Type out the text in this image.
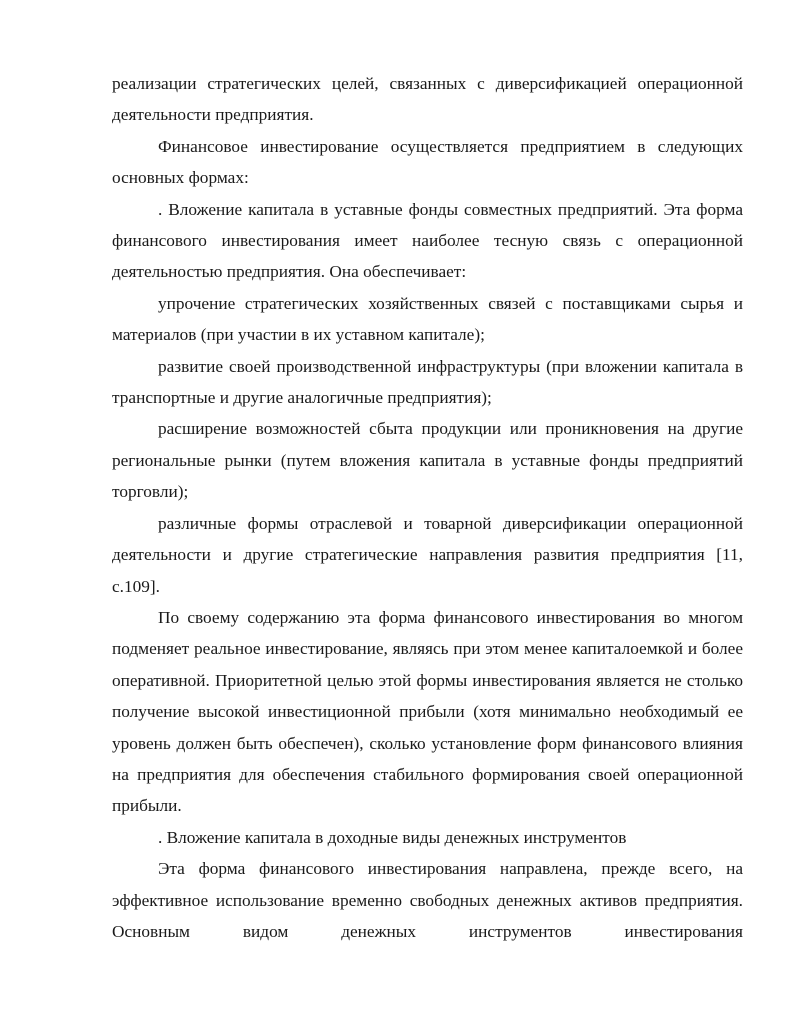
реализации стратегических целей, связанных с диверсификацией операционной деятельности предприятия.

Финансовое инвестирование осуществляется предприятием в следующих основных формах:

. Вложение капитала в уставные фонды совместных предприятий. Эта форма финансового инвестирования имеет наиболее тесную связь с операционной деятельностью предприятия. Она обеспечивает:

упрочение стратегических хозяйственных связей с поставщиками сырья и материалов (при участии в их уставном капитале);

развитие своей производственной инфраструктуры (при вложении капитала в транспортные и другие аналогичные предприятия);

расширение возможностей сбыта продукции или проникновения на другие региональные рынки (путем вложения капитала в уставные фонды предприятий торговли);

различные формы отраслевой и товарной диверсификации операционной деятельности и другие стратегические направления развития предприятия [11, с.109].

По своему содержанию эта форма финансового инвестирования во многом подменяет реальное инвестирование, являясь при этом менее капиталоемкой и более оперативной. Приоритетной целью этой формы инвестирования является не столько получение высокой инвестиционной прибыли (хотя минимально необходимый ее уровень должен быть обеспечен), сколько установление форм финансового влияния на предприятия для обеспечения стабильного формирования своей операционной прибыли.

. Вложение капитала в доходные виды денежных инструментов

Эта форма финансового инвестирования направлена, прежде всего, на эффективное использование временно свободных денежных активов предприятия. Основным видом денежных инструментов инвестирования
